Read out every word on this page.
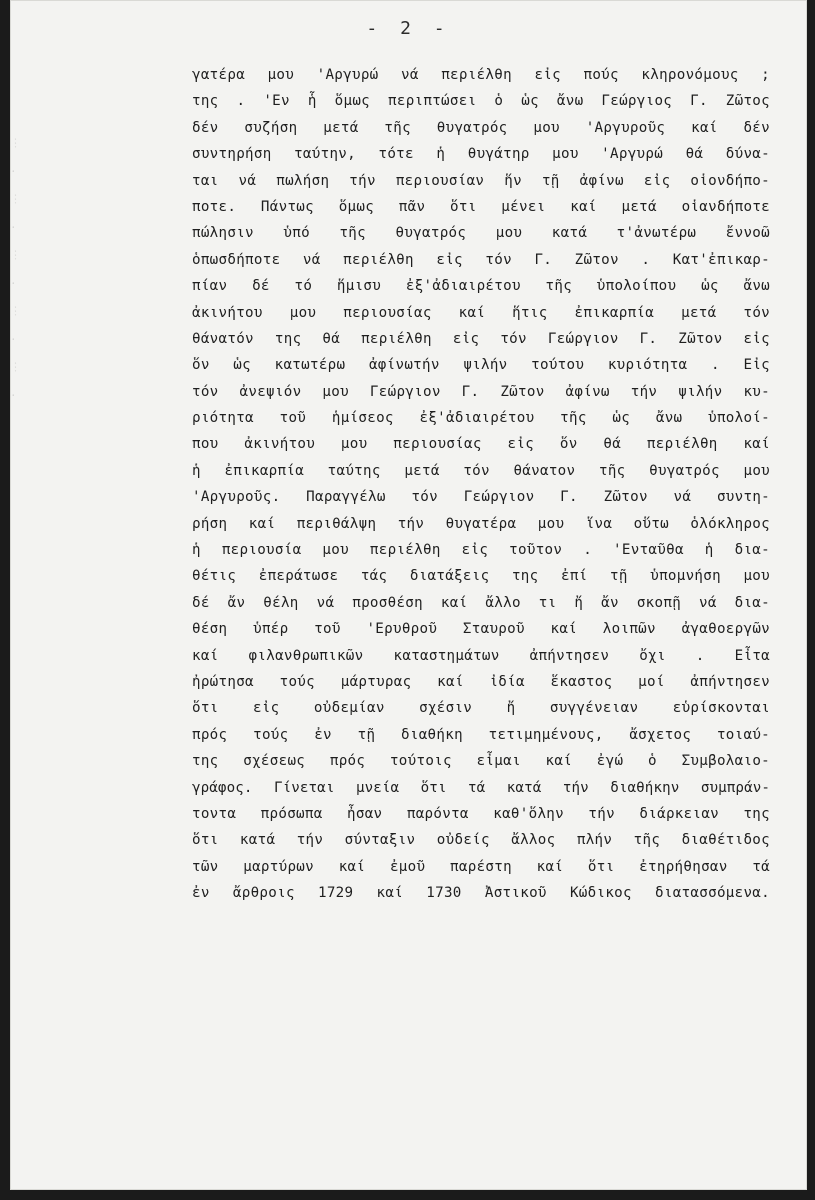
︙
·
︙
·
︙
·
︙
·
︙
·
- 2 -
γατέρα μου 'Αργυρώ νά περιέλθη εἰς πούς κληρονόμους ;
της . 'Εν ἧ ὅμως περιπτώσει ὁ ὡς ἄνω Γεώργιος Γ. Ζῶτος
δέν συζήση μετά τῆς θυγατρός μου 'Αργυροῦς καί δέν
συντηρήση ταύτην, τότε ἡ θυγάτηρ μου 'Αργυρώ θά δύνα-
ται νά πωλήση τήν περιουσίαν ἥν τῇ ἀφίνω εἰς οἱονδήπο-
ποτε. Πάντως ὅμως πᾶν ὅτι μένει καί μετά οἱανδήποτε
πώλησιν ὑπό τῆς θυγατρός μου κατά τ'ἀνωτέρω ἔννοῶ
ὁπωσδήποτε νά περιέλθη εἰς τόν Γ. Ζῶτον . Κατ'ἐπικαρ-
πίαν δέ τό ἥμισυ ἐξ'ἀδιαιρέτου τῆς ὑπολοίπου ὡς ἄνω
ἀκινήτου μου περιουσίας καί ἥτις ἐπικαρπία μετά τόν
θάνατόν της θά περιέλθη εἰς τόν Γεώργιον Γ. Ζῶτον εἰς
ὅν ὡς κατωτέρω ἀφίνωτήν ψιλήν τούτου κυριότητα . Εἰς
τόν ἀνεψιόν μου Γεώργιον Γ. Ζῶτον ἀφίνω τήν ψιλήν κυ-
ριότητα τοῦ ἡμίσεος ἐξ'ἀδιαιρέτου τῆς ὡς ἄνω ὑπολοί-
που ἀκινήτου μου περιουσίας εἰς ὅν θά περιέλθη καί
ἡ ἐπικαρπία ταύτης μετά τόν θάνατον τῆς θυγατρός μου
'Αργυροῦς. Παραγγέλω τόν Γεώργιον Γ. Ζῶτον νά συντη-
ρήση καί περιθάλψη τήν θυγατέρα μου ἵνα οὕτω ὁλόκληρος
ἡ περιουσία μου περιέλθη εἰς τοῦτον . 'Ενταῦθα ἡ δια-
θέτις ἐπεράτωσε τάς διατάξεις της ἐπί τῇ ὑπομνήση μου
δέ ἄν θέλη νά προσθέση καί ἄλλο τι ἤ ἄν σκοπῇ νά δια-
θέση ὑπέρ τοῦ 'Ερυθροῦ Σταυροῦ καί λοιπῶν ἀγαθοεργῶν
καί φιλανθρωπικῶν καταστημάτων ἀπήντησεν ὄχι . Εἶτα
ἠρώτησα τούς μάρτυρας καί ἰδία ἕκαστος μοί ἀπήντησεν
ὅτι εἰς οὐδεμίαν σχέσιν ἤ συγγένειαν εὑρίσκονται
πρός τούς ἐν τῇ διαθήκη τετιμημένους, ἄσχετος τοιαύ-
της σχέσεως πρός τούτοις εἶμαι καί ἐγώ ὁ Συμβολαιο-
γράφος. Γίνεται μνεία ὅτι τά κατά τήν διαθήκην συμπράν-
τοντα πρόσωπα ἦσαν παρόντα καθ'ὅλην τήν διάρκειαν της
ὅτι κατά τήν σύνταξιν οὐδείς ἄλλος πλήν τῆς διαθέτιδος
τῶν μαρτύρων καί ἐμοῦ παρέστη καί ὅτι ἐτηρήθησαν τά
ἐν ἄρθροις 1729 καί 1730 Ἀστικοῦ Κώδικος διατασσόμενα.
